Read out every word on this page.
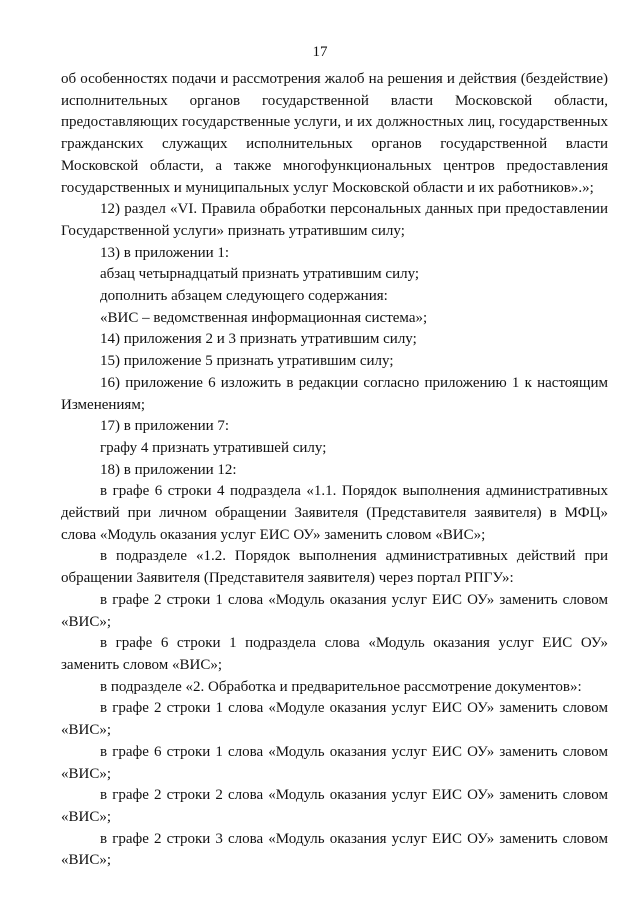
17

об особенностях подачи и рассмотрения жалоб на решения и действия (бездействие) исполнительных органов государственной власти Московской области, предоставляющих государственные услуги, и их должностных лиц, государственных гражданских служащих исполнительных органов государственной власти Московской области, а также многофункциональных центров предоставления государственных и муниципальных услуг Московской области и их работников».»;

12) раздел «VI. Правила обработки персональных данных при предоставлении Государственной услуги» признать утратившим силу;

13) в приложении 1:

абзац четырнадцатый признать утратившим силу;

дополнить абзацем следующего содержания:

«ВИС – ведомственная информационная система»;

14) приложения 2 и 3 признать утратившим силу;

15) приложение 5 признать утратившим силу;

16) приложение 6 изложить в редакции согласно приложению 1 к настоящим Изменениям;

17) в приложении 7:

графу 4 признать утратившей силу;

18) в приложении 12:

в графе 6 строки 4 подраздела «1.1. Порядок выполнения административных действий при личном обращении Заявителя (Представителя заявителя) в МФЦ» слова «Модуль оказания услуг ЕИС ОУ» заменить словом «ВИС»;

в подразделе «1.2. Порядок выполнения административных действий при обращении Заявителя (Представителя заявителя) через портал РПГУ»:

в графе 2 строки 1 слова «Модуль оказания услуг ЕИС ОУ» заменить словом «ВИС»;

в графе 6 строки 1 подраздела слова «Модуль оказания услуг ЕИС ОУ» заменить словом «ВИС»;

в подразделе «2. Обработка и предварительное рассмотрение документов»:

в графе 2 строки 1 слова «Модуле оказания услуг ЕИС ОУ» заменить словом «ВИС»;

в графе 6 строки 1 слова «Модуль оказания услуг ЕИС ОУ» заменить словом «ВИС»;

в графе 2 строки 2 слова «Модуль оказания услуг ЕИС ОУ» заменить словом «ВИС»;

в графе 2 строки 3 слова «Модуль оказания услуг ЕИС ОУ» заменить словом «ВИС»;
